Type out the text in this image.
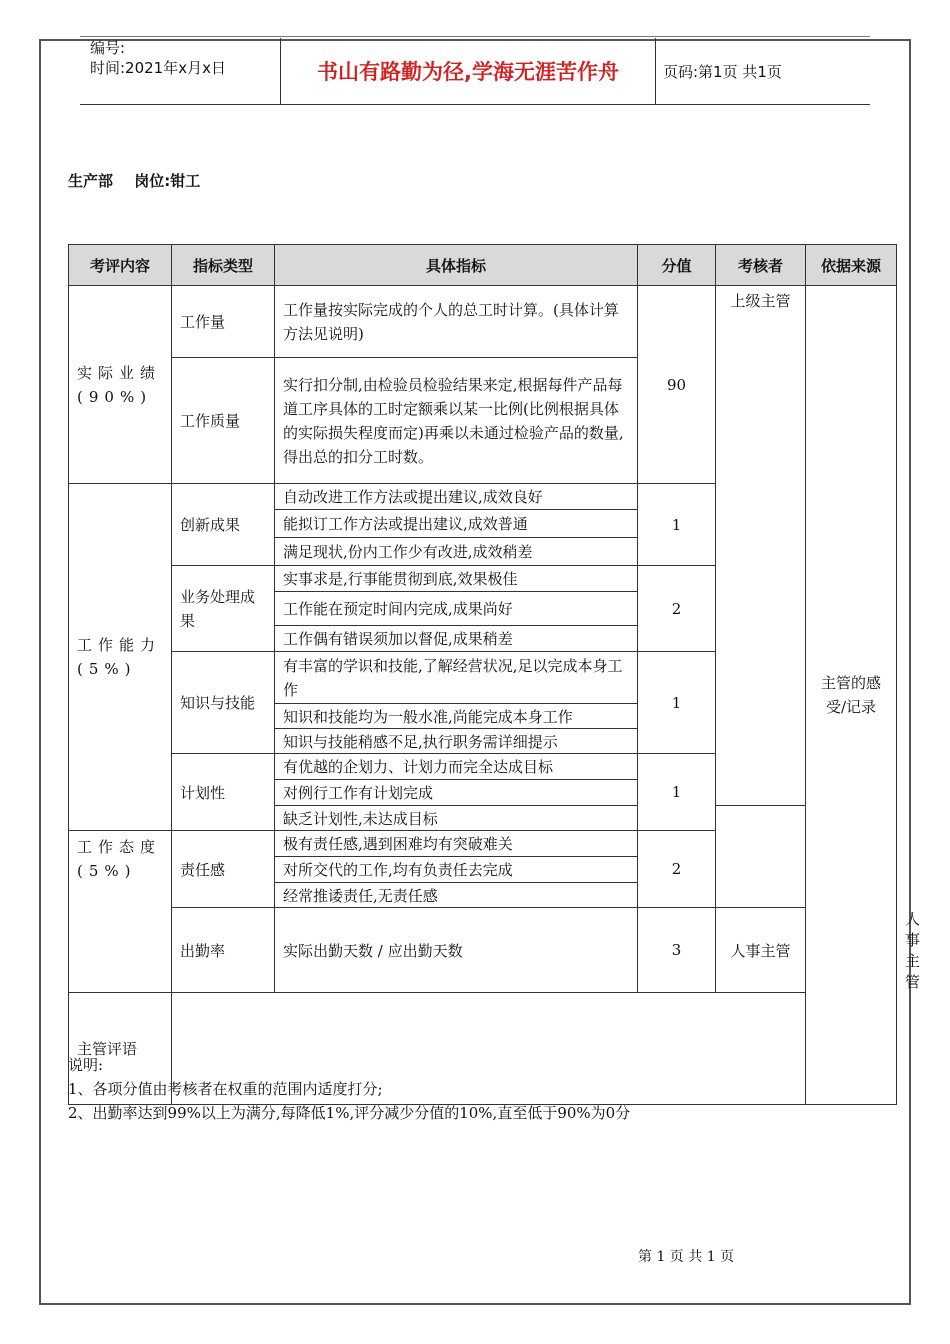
编号:
时间:2021年x月x日	书山有路勤为径,学海无涯苦作舟	页码:第1页 共1页
生产部 岗位:钳工
考评内容	指标类型	具体指标	分值	考核者	依据来源	
实际业绩(90%)	工作量	工作量按实际完成的个人的总工时计算。(具体计算方法见说明)	90	上级主管	主管的感受/记录	
	工作质量	实行扣分制,由检验员检验结果来定,根据每件产品每道工序具体的工时定额乘以某一比例(比例根据具体的实际损失程度而定)再乘以未通过检验产品的数量,得出总的扣分工时数。				
工作能力(5%)	创新成果	自动改进工作方法或提出建议,成效良好	1			
		能拟订工作方法或提出建议,成效普通				
		满足现状,份内工作少有改进,成效稍差				
	业务处理成果	实事求是,行事能贯彻到底,效果极佳	2			
		工作能在预定时间内完成,成果尚好				
		工作偶有错误须加以督促,成果稍差				
	知识与技能	有丰富的学识和技能,了解经营状况,足以完成本身工作	1			
		知识和技能均为一般水准,尚能完成本身工作				
		知识与技能稍感不足,执行职务需详细提示				
	计划性	有优越的企划力、计划力而完全达成目标	1			
		对例行工作有计划完成				
		缺乏计划性,未达成目标				
工作态度(5%)	责任感	极有责任感,遇到困难均有突破难关	2			
		对所交代的工作,均有负责任去完成				
		经常推诿责任,无责任感				
	出勤率	实际出勤天数 / 应出勤天数	3	人事主管		人事主管
主管评语						
说明:
1、各项分值由考核者在权重的范围内适度打分;
2、出勤率达到99%以上为满分,每降低1%,评分减少分值的10%,直至低于90%为0分
第 1 页 共 1 页
